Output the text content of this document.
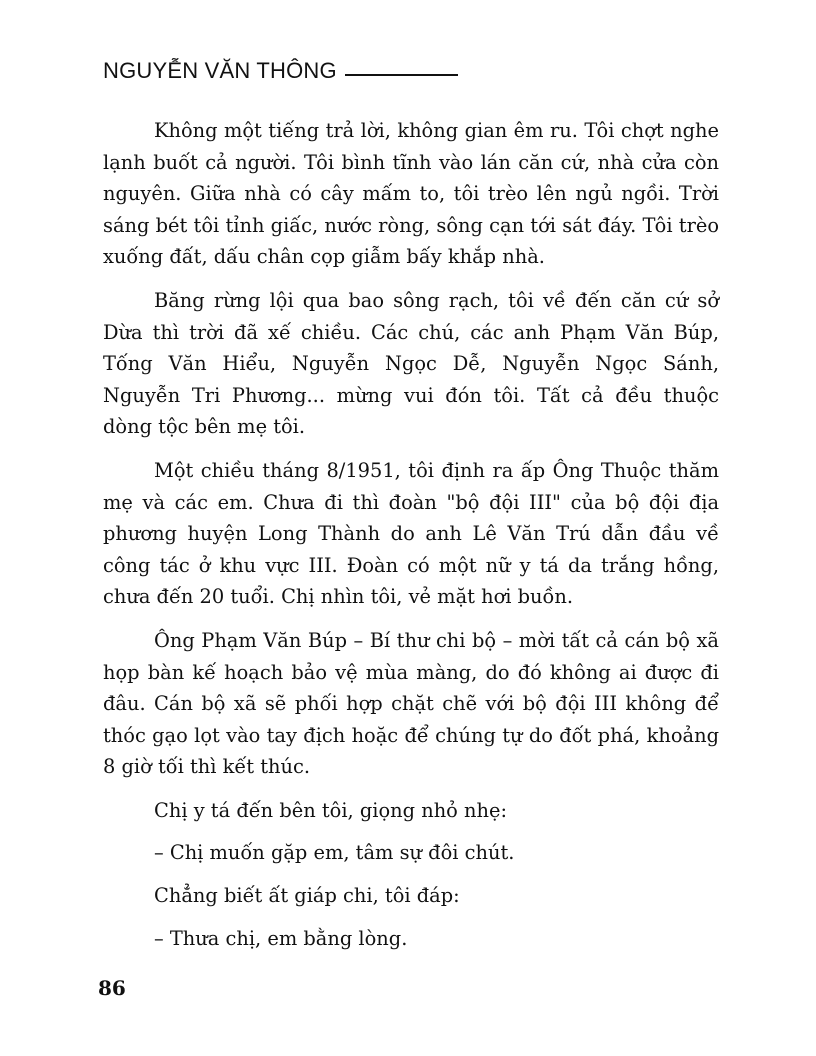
NGUYỄN VĂN THÔNG

Không một tiếng trả lời, không gian êm ru. Tôi chợt nghe lạnh buốt cả người. Tôi bình tĩnh vào lán căn cứ, nhà cửa còn nguyên. Giữa nhà có cây mấm to, tôi trèo lên ngủ ngồi. Trời sáng bét tôi tỉnh giấc, nước ròng, sông cạn tới sát đáy. Tôi trèo xuống đất, dấu chân cọp giẫm bấy khắp nhà.

Băng rừng lội qua bao sông rạch, tôi về đến căn cứ sở Dừa thì trời đã xế chiều. Các chú, các anh Phạm Văn Búp, Tống Văn Hiểu, Nguyễn Ngọc Dễ, Nguyễn Ngọc Sánh, Nguyễn Tri Phương... mừng vui đón tôi. Tất cả đều thuộc dòng tộc bên mẹ tôi.

Một chiều tháng 8/1951, tôi định ra ấp Ông Thuộc thăm mẹ và các em. Chưa đi thì đoàn "bộ đội III" của bộ đội địa phương huyện Long Thành do anh Lê Văn Trú dẫn đầu về công tác ở khu vực III. Đoàn có một nữ y tá da trắng hồng, chưa đến 20 tuổi. Chị nhìn tôi, vẻ mặt hơi buồn.

Ông Phạm Văn Búp – Bí thư chi bộ – mời tất cả cán bộ xã họp bàn kế hoạch bảo vệ mùa màng, do đó không ai được đi đâu. Cán bộ xã sẽ phối hợp chặt chẽ với bộ đội III không để thóc gạo lọt vào tay địch hoặc để chúng tự do đốt phá, khoảng 8 giờ tối thì kết thúc.

Chị y tá đến bên tôi, giọng nhỏ nhẹ:

– Chị muốn gặp em, tâm sự đôi chút.

Chẳng biết ất giáp chi, tôi đáp:

– Thưa chị, em bằng lòng.

86
